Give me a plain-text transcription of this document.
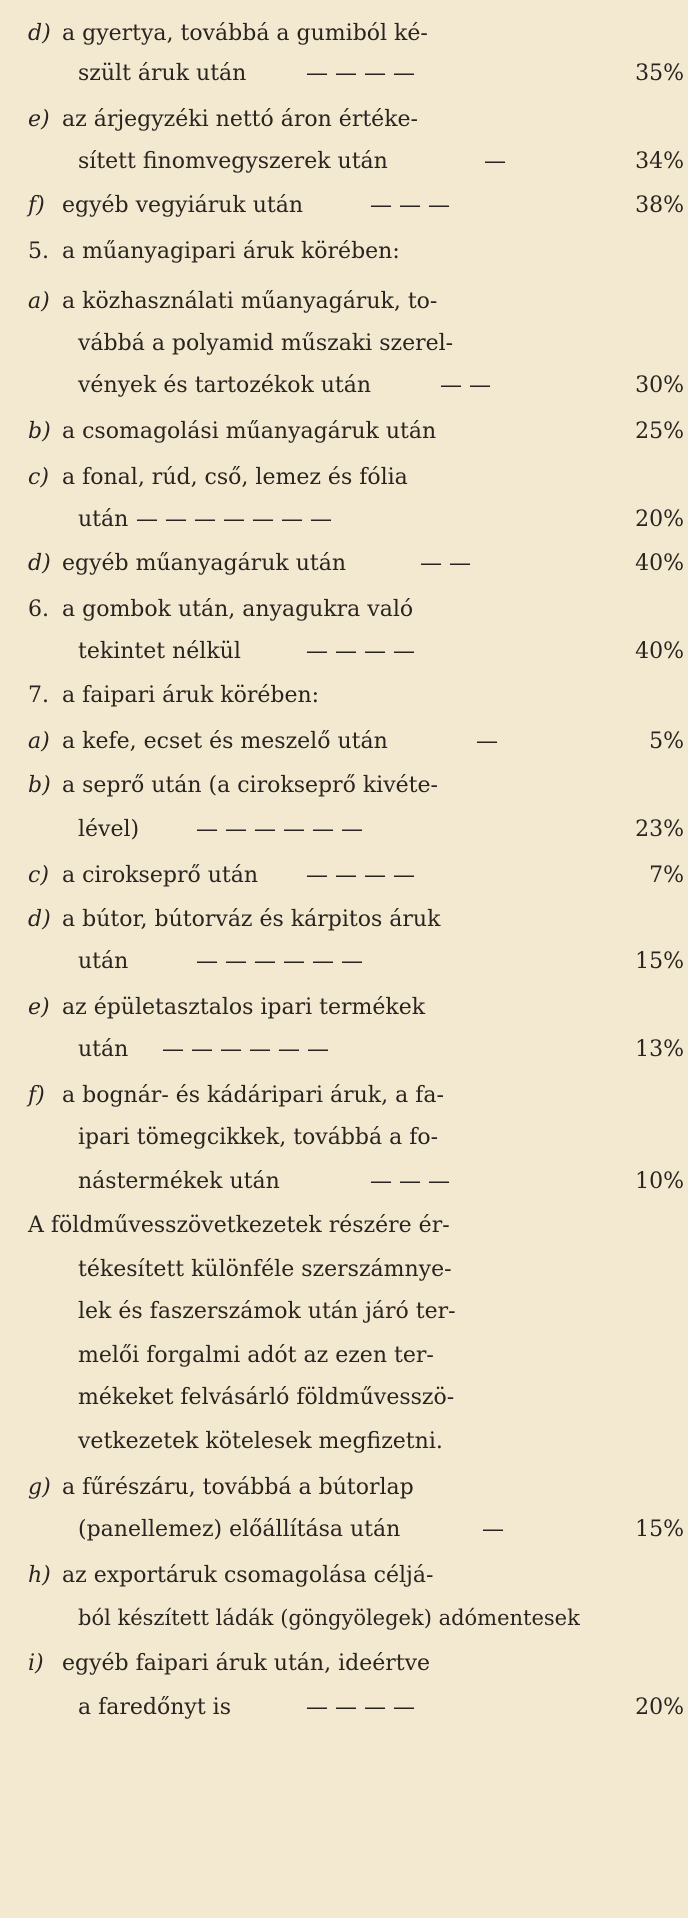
d) a gyertya, továbbá a gumiból ké-
szült áruk után	— — — —	35%
e) az árjegyzéki nettó áron értéke-
sített finomvegyszerek után	—	34%
f) egyéb vegyiáruk után	— — —	38%
5. a műanyagipari áruk körében:
a) a közhasználati műanyagáruk, to-
vábbá a polyamid műszaki szerel-
vények és tartozékok után	— —	30%
b) a csomagolási műanyagáruk után	25%
c) a fonal, rúd, cső, lemez és fólia
után — — — — — — —	20%
d) egyéb műanyagáruk után	— —	40%
6. a gombok után, anyagukra való
tekintet nélkül	— — — —	40%
7. a faipari áruk körében:
a) a kefe, ecset és meszelő után	—	5%
b) a seprő után (a cirokseprő kivéte-
lével)	— — — — — —	23%
c) a cirokseprő után — — — —	7%
d) a bútor, bútorváz és kárpitos áruk
után	— — — — — —	15%
e) az épületasztalos ipari termékek
után — — — — — —	13%
f) a bognár- és kádáripari áruk, a fa-
ipari tömegcikkek, továbbá a fo-
nástermékek után	— — —	10%
A földművesszövetkezetek részére ér-
tékesített különféle szerszámnye-
lek és faszerszámok után járó ter-
melői forgalmi adót az ezen ter-
mékeket felvásárló földművesszö-
vetkezetek kötelesek megfizetni.
g) a fűrészáru, továbbá a bútorlap
(panellemez) előállítása után	—	15%
h) az exportáruk csomagolása céljá-
ból készített ládák (göngyölegek) adómentesek
i) egyéb faipari áruk után, ideértve
a faredőnyt is	— — — —	20%
